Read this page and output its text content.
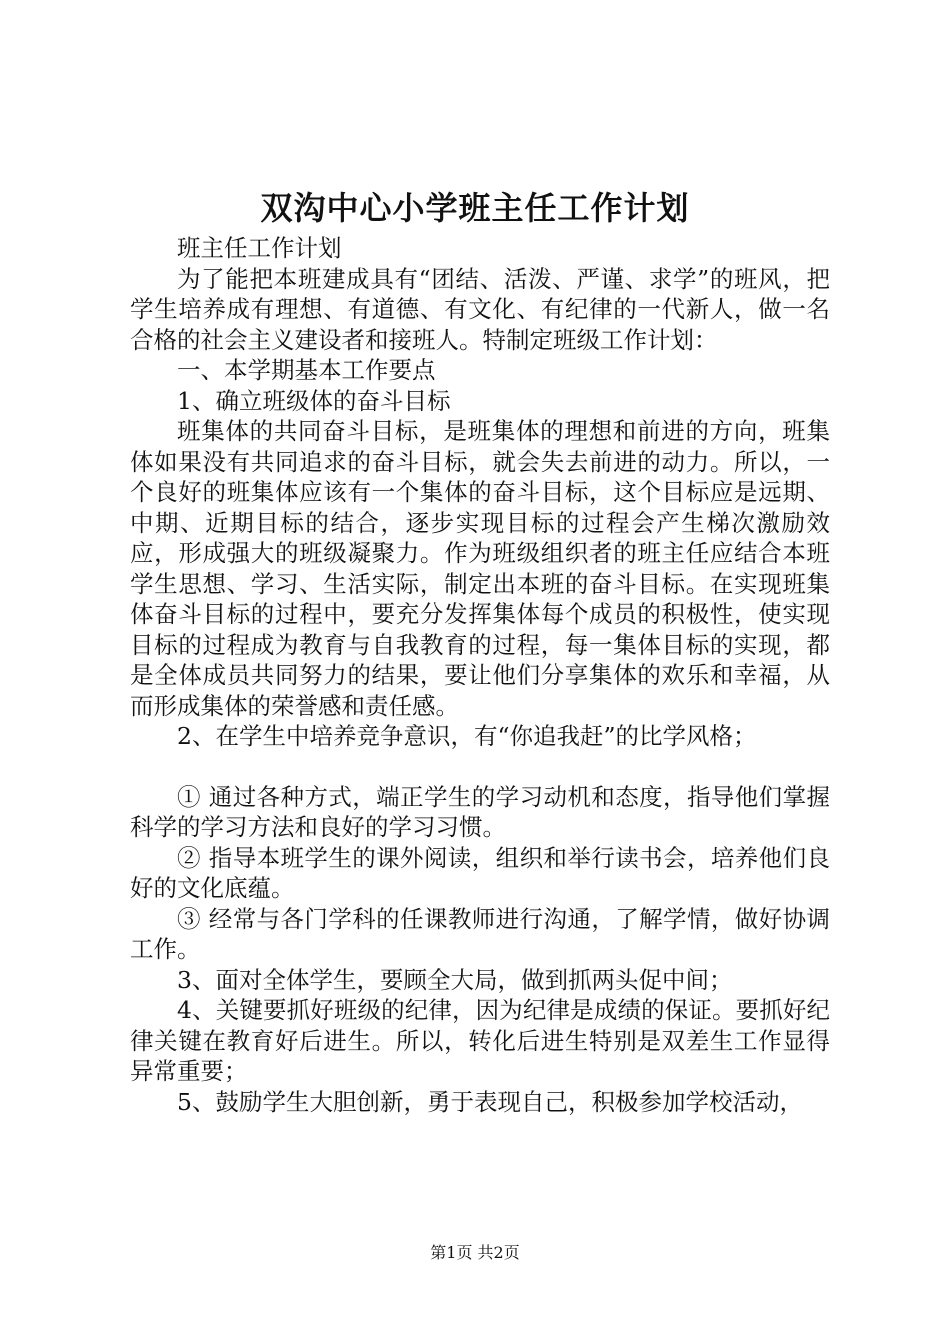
双沟中心小学班主任工作计划

班主任工作计划

为了能把本班建成具有“团结、活泼、严谨、求学”的班风，把学生培养成有理想、有道德、有文化、有纪律的一代新人，做一名合格的社会主义建设者和接班人。特制定班级工作计划：

一、本学期基本工作要点

1、确立班级体的奋斗目标

班集体的共同奋斗目标，是班集体的理想和前进的方向，班集体如果没有共同追求的奋斗目标，就会失去前进的动力。所以，一个良好的班集体应该有一个集体的奋斗目标，这个目标应是远期、中期、近期目标的结合，逐步实现目标的过程会产生梯次激励效应，形成强大的班级凝聚力。作为班级组织者的班主任应结合本班学生思想、学习、生活实际，制定出本班的奋斗目标。在实现班集体奋斗目标的过程中，要充分发挥集体每个成员的积极性，使实现目标的过程成为教育与自我教育的过程，每一集体目标的实现，都是全体成员共同努力的结果，要让他们分享集体的欢乐和幸福，从而形成集体的荣誉感和责任感。

2、在学生中培养竞争意识，有“你追我赶”的比学风格；

① 通过各种方式，端正学生的学习动机和态度，指导他们掌握科学的学习方法和良好的学习习惯。

② 指导本班学生的课外阅读，组织和举行读书会，培养他们良好的文化底蕴。

③ 经常与各门学科的任课教师进行沟通，了解学情，做好协调工作。

3、面对全体学生，要顾全大局，做到抓两头促中间；

4、关键要抓好班级的纪律，因为纪律是成绩的保证。要抓好纪律关键在教育好后进生。所以，转化后进生特别是双差生工作显得异常重要；

5、鼓励学生大胆创新，勇于表现自己，积极参加学校活动，

第1页 共2页
